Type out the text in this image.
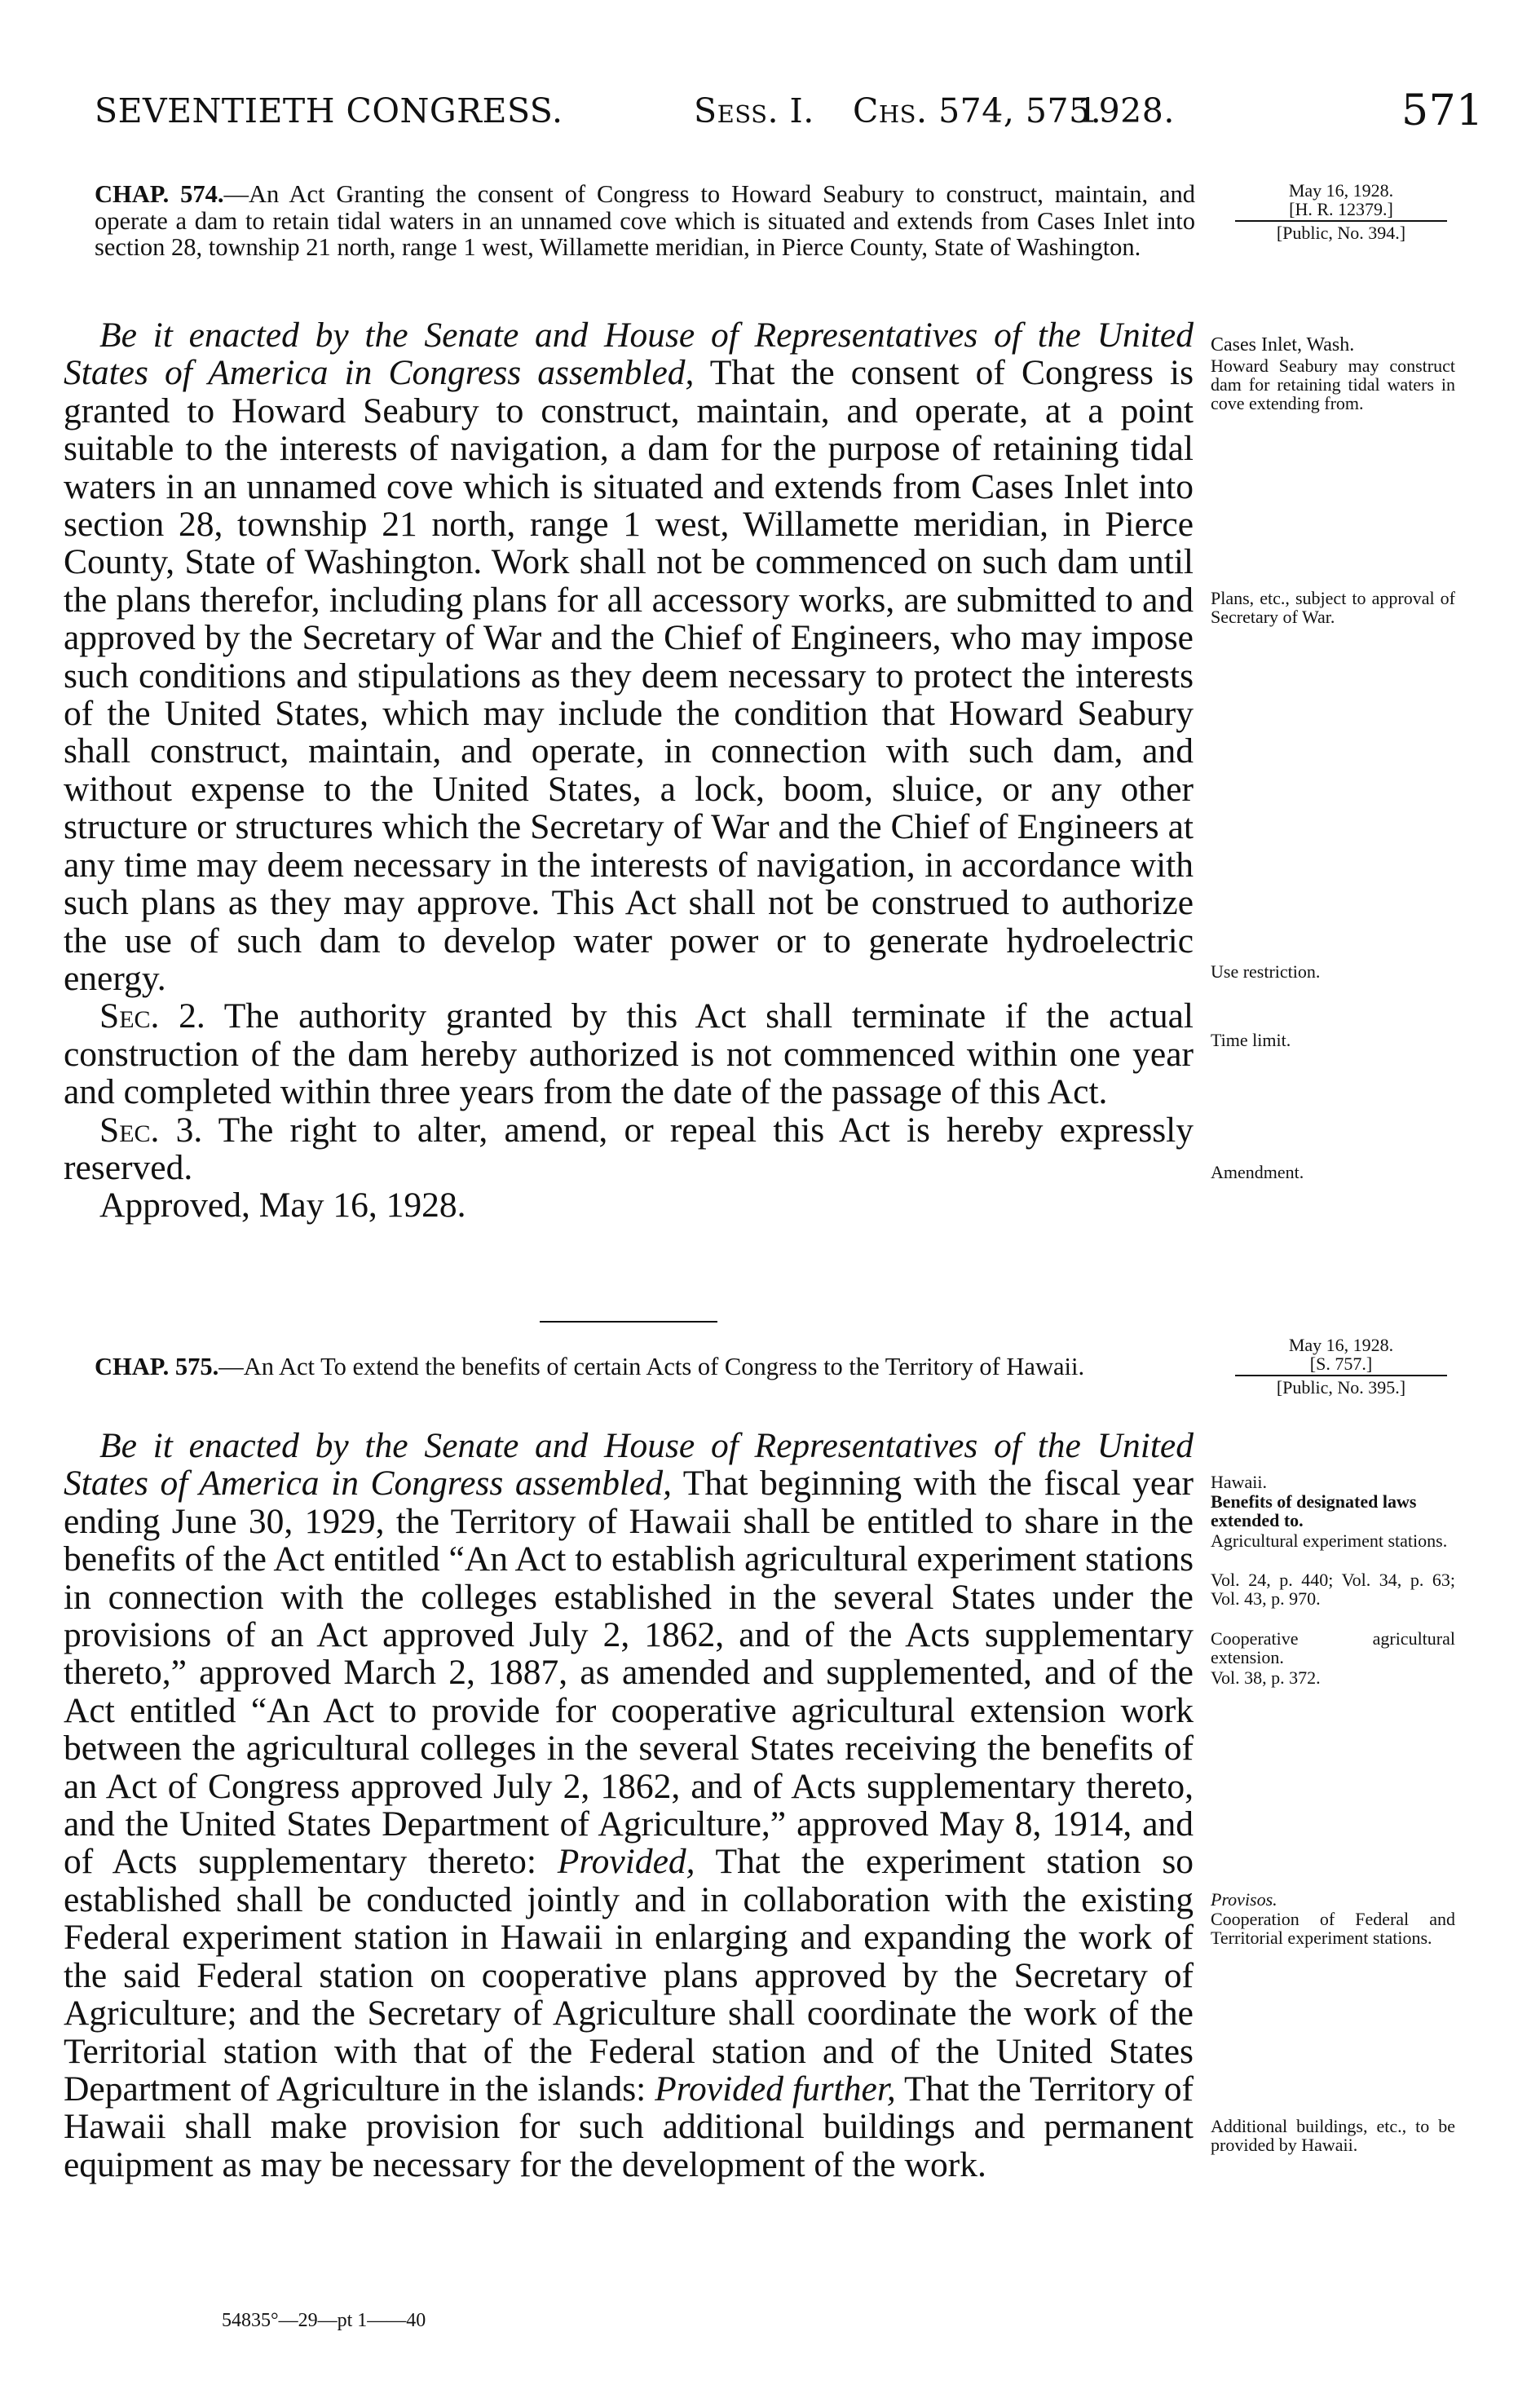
SEVENTIETH CONGRESS.	Sess. I. Chs. 574, 575.
1928.	571
CHAP. 574.—An Act Granting the consent of Congress to Howard Seabury to construct, maintain, and operate a dam to retain tidal waters in an unnamed cove which is situated and extends from Cases Inlet into section 28, township 21 north, range 1 west, Willamette meridian, in Pierce County, State of Washington.
May 16, 1928.
[H. R. 12379.]
[Public, No. 394.]

Be it enacted by the Senate and House of Representatives of the United States of America in Congress assembled, That the consent of Congress is granted to Howard Seabury to construct, maintain, and operate, at a point suitable to the interests of navigation, a dam for the purpose of retaining tidal waters in an unnamed cove which is situated and extends from Cases Inlet into section 28, township 21 north, range 1 west, Willamette meridian, in Pierce County, State of Washington. Work shall not be commenced on such dam until the plans therefor, including plans for all accessory works, are submitted to and approved by the Secretary of War and the Chief of Engineers, who may impose such conditions and stipulations as they deem necessary to protect the interests of the United States, which may include the condition that Howard Seabury shall construct, maintain, and operate, in connection with such dam, and without expense to the United States, a lock, boom, sluice, or any other structure or structures which the Secretary of War and the Chief of Engineers at any time may deem necessary in the interests of navigation, in accordance with such plans as they may approve. This Act shall not be construed to authorize the use of such dam to develop water power or to generate hydroelectric energy.

Sec. 2. The authority granted by this Act shall terminate if the actual construction of the dam hereby authorized is not commenced within one year and completed within three years from the date of the passage of this Act.

Sec. 3. The right to alter, amend, or repeal this Act is hereby expressly reserved.

Approved, May 16, 1928.

Cases Inlet, Wash.
Howard Seabury may construct dam for retaining tidal waters in cove extending from.
Plans, etc., subject to approval of Secretary of War.
Use restriction.
Time limit.
Amendment.
CHAP. 575.—An Act To extend the benefits of certain Acts of Congress to the Territory of Hawaii.
May 16, 1928.
[S. 757.]
[Public, No. 395.]

Be it enacted by the Senate and House of Representatives of the United States of America in Congress assembled, That beginning with the fiscal year ending June 30, 1929, the Territory of Hawaii shall be entitled to share in the benefits of the Act entitled “An Act to establish agricultural experiment stations in connection with the colleges established in the several States under the provisions of an Act approved July 2, 1862, and of the Acts supplementary thereto,” approved March 2, 1887, as amended and supplemented, and of the Act entitled “An Act to provide for cooperative agricultural extension work between the agricultural colleges in the several States receiving the benefits of an Act of Congress approved July 2, 1862, and of Acts supplementary thereto, and the United States Department of Agriculture,” approved May 8, 1914, and of Acts supplementary thereto: Provided, That the experiment station so established shall be conducted jointly and in collaboration with the existing Federal experiment station in Hawaii in enlarging and expanding the work of the said Federal station on cooperative plans approved by the Secretary of Agriculture; and the Secretary of Agriculture shall coordinate the work of the Territorial station with that of the Federal station and of the United States Department of Agriculture in the islands: Provided further, That the Territory of Hawaii shall make provision for such additional buildings and permanent equipment as may be necessary for the development of the work.

Hawaii.
Benefits of designated laws extended to.
Agricultural experiment stations.
Vol. 24, p. 440; Vol. 34, p. 63; Vol. 43, p. 970.
Cooperative agricultural extension.
Vol. 38, p. 372.
Provisos.
Cooperation of Federal and Territorial experiment stations.
Additional buildings, etc., to be provided by Hawaii.
54835°—29—pt 1——40
